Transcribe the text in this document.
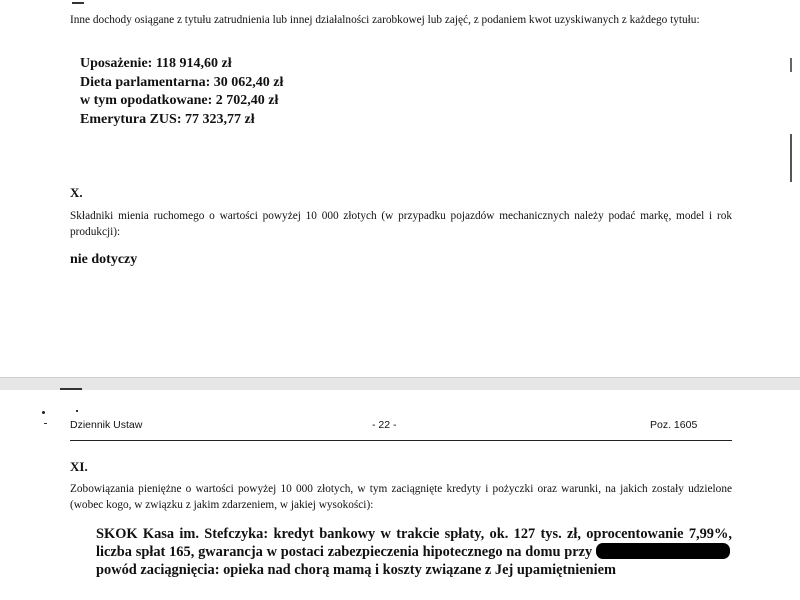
Inne dochody osiągane z tytułu zatrudnienia lub innej działalności zarobkowej lub zajęć, z podaniem kwot uzyskiwanych z każdego tytułu:
Uposażenie: 118 914,60 zł
Dieta parlamentarna: 30 062,40 zł
w tym opodatkowane: 2 702,40 zł
Emerytura ZUS: 77 323,77 zł
X.
Składniki mienia ruchomego o wartości powyżej 10 000 złotych (w przypadku pojazdów mechanicznych należy podać markę, model i rok produkcji):
nie dotyczy
Dziennik Ustaw	- 22 -	Poz. 1605
XI.
Zobowiązania pieniężne o wartości powyżej 10 000 złotych, w tym zaciągnięte kredyty i pożyczki oraz warunki, na jakich zostały udzielone (wobec kogo, w związku z jakim zdarzeniem, w jakiej wysokości):
SKOK Kasa im. Stefczyka: kredyt bankowy w trakcie spłaty, ok. 127 tys. zł, oprocentowanie 7,99%, liczba spłat 165, gwarancja w postaci zabezpieczenia hipotecznego na domu przy  powód zaciągnięcia: opieka nad chorą mamą i koszty związane z Jej upamiętnieniem
